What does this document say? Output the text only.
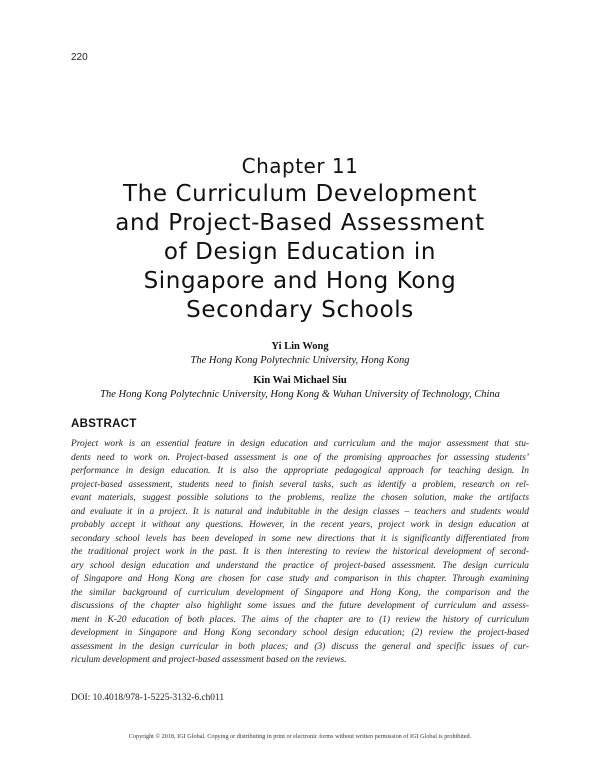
220
Chapter 11
The Curriculum Development
and Project-Based Assessment
of Design Education in
Singapore and Hong Kong
Secondary Schools
Yi Lin Wong
The Hong Kong Polytechnic University, Hong Kong
Kin Wai Michael Siu
The Hong Kong Polytechnic University, Hong Kong & Wuhan University of Technology, China
ABSTRACT
Project work is an essential feature in design education and curriculum and the major assessment that stu-
dents need to work on. Project-based assessment is one of the promising approaches for assessing students’
performance in design education. It is also the appropriate pedagogical approach for teaching design. In
project-based assessment, students need to finish several tasks, such as identify a problem, research on rel-
evant materials, suggest possible solutions to the problems, realize the chosen solution, make the artifacts
and evaluate it in a project. It is natural and indubitable in the design classes – teachers and students would
probably accept it without any questions. However, in the recent years, project work in design education at
secondary school levels has been developed in some new directions that it is significantly differentiated from
the traditional project work in the past. It is then interesting to review the historical development of second-
ary school design education and understand the practice of project-based assessment. The design curricula
of Singapore and Hong Kong are chosen for case study and comparison in this chapter. Through examining
the similar background of curriculum development of Singapore and Hong Kong, the comparison and the
discussions of the chapter also highlight some issues and the future development of curriculum and assess-
ment in K-20 education of both places. The aims of the chapter are to (1) review the history of curriculum
development in Singapore and Hong Kong secondary school design education; (2) review the project-based
assessment in the design curricular in both places; and (3) discuss the general and specific issues of cur-
riculum development and project-based assessment based on the reviews.
DOI: 10.4018/978-1-5225-3132-6.ch011
Copyright © 2018, IGI Global. Copying or distributing in print or electronic forms without written permission of IGI Global is prohibited.
